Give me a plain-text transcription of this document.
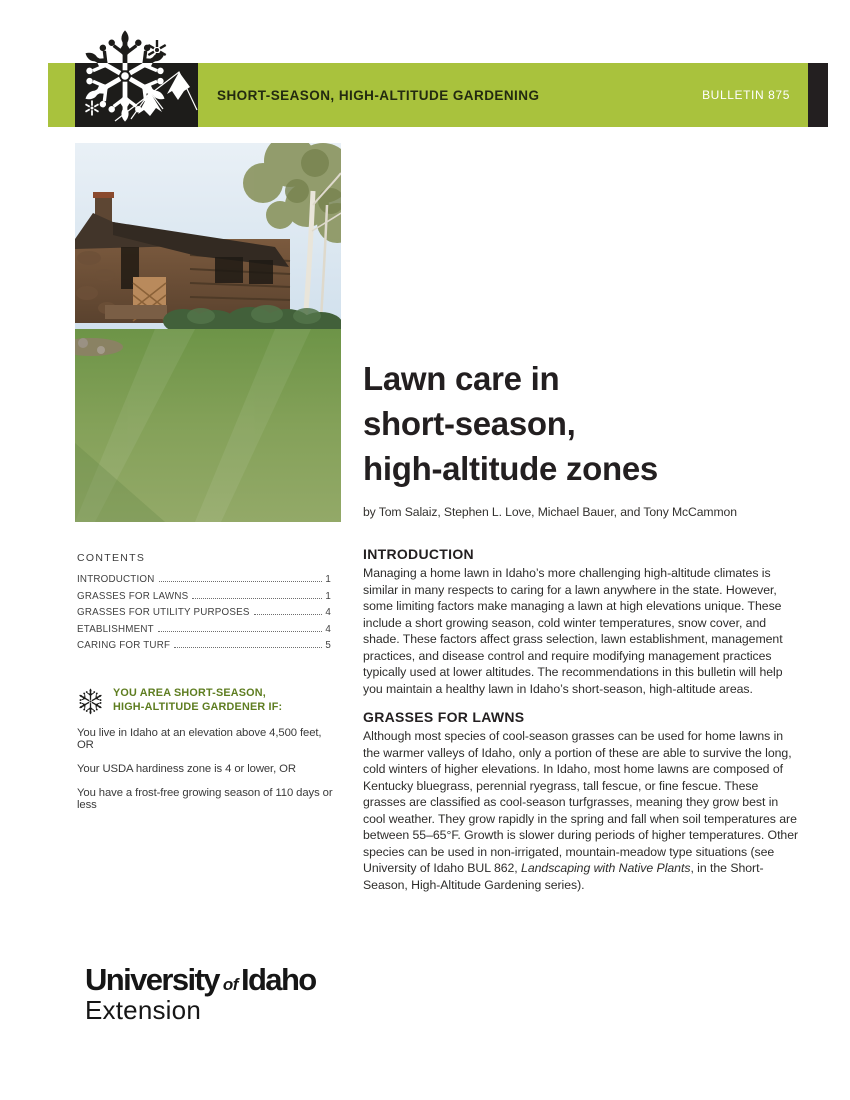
SHORT-SEASON, HIGH-ALTITUDE GARDENING	BULLETIN 875
CONTENTS
INTRODUCTION	1
GRASSES FOR LAWNS	1
GRASSES FOR UTILITY PURPOSES	4
ETABLISHMENT	4
CARING FOR TURF	5
YOU AREA SHORT-SEASON,
HIGH-ALTITUDE GARDENER IF:
You live in Idaho at an elevation above 4,500 feet, OR
Your USDA hardiness zone is 4 or lower, OR
You have a frost-free growing season of 110 days or less
Lawn care in
short-season,
high-altitude zones
by Tom Salaiz, Stephen L. Love, Michael Bauer, and Tony McCammon
INTRODUCTION
Managing a home lawn in Idaho’s more challenging high-altitude climates is similar in many respects to caring for a lawn anywhere in the state. However, some limiting factors make managing a lawn at high elevations unique. These include a short growing season, cold winter temperatures, snow cover, and shade. These factors affect grass selection, lawn establishment, management practices, and disease control and require modifying management practices typically used at lower altitudes. The recommendations in this bulletin will help you maintain a healthy lawn in Idaho’s short-season, high-altitude areas.
GRASSES FOR LAWNS
Although most species of cool-season grasses can be used for home lawns in the warmer valleys of Idaho, only a portion of these are able to survive the long, cold winters of higher elevations. In Idaho, most home lawns are composed of Kentucky bluegrass, perennial ryegrass, tall fescue, or fine fescue. These grasses are classified as cool-season turfgrasses, meaning they grow best in cool weather. They grow rapidly in the spring and fall when soil temperatures are between 55–65°F. Growth is slower during periods of higher temperatures. Other species can be used in non-irrigated, mountain-meadow type situations (see University of Idaho BUL 862, Landscaping with Native Plants, in the Short-Season, High-Altitude Gardening series).
University ofIdaho
Extension
